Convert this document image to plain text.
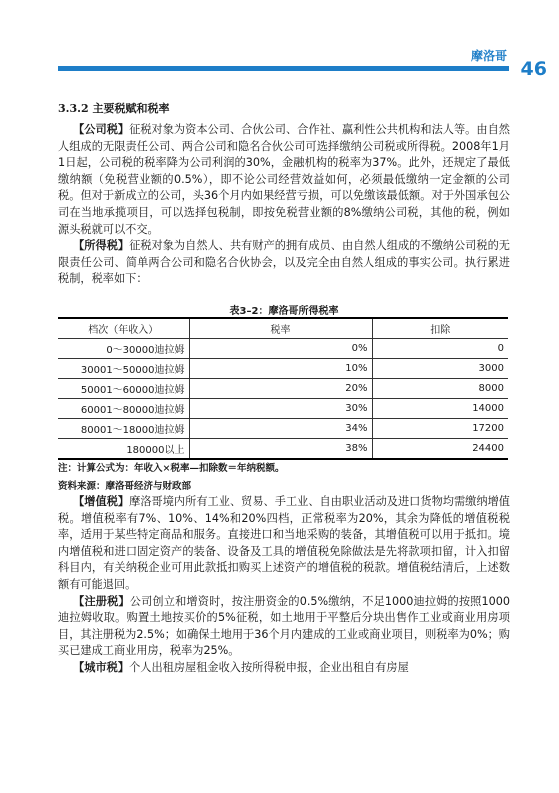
摩洛哥
46
3.3.2 主要税赋和税率

【公司税】征税对象为资本公司、合伙公司、合作社、赢利性公共机构和法人等。由自然人组成的无限责任公司、两合公司和隐名合伙公司可选择缴纳公司税或所得税。2008年1月1日起，公司税的税率降为公司利润的30%，金融机构的税率为37%。此外，还规定了最低缴纳额（免税营业额的0.5%），即不论公司经营效益如何，必须最低缴纳一定金额的公司税。但对于新成立的公司，头36个月内如果经营亏损，可以免缴该最低额。对于外国承包公司在当地承揽项目，可以选择包税制，即按免税营业额的8%缴纳公司税，其他的税，例如源头税就可以不交。

【所得税】征税对象为自然人、共有财产的拥有成员、由自然人组成的不缴纳公司税的无限责任公司、简单两合公司和隐名合伙协会，以及完全由自然人组成的事实公司。执行累进税制，税率如下：

表3–2：摩洛哥所得税率
档次（年收入）	税率	扣除
0～30000迪拉姆	0%	0
30001～50000迪拉姆	10%	3000
50001～60000迪拉姆	20%	8000
60001～80000迪拉姆	30%	14000
80001～18000迪拉姆	34%	17200
180000以上	38%	24400
注：计算公式为：年收入×税率—扣除数＝年纳税额。
资料来源：摩洛哥经济与财政部

【增值税】摩洛哥境内所有工业、贸易、手工业、自由职业活动及进口货物均需缴纳增值税。增值税率有7%、10%、14%和20%四档，正常税率为20%，其余为降低的增值税税率，适用于某些特定商品和服务。直接进口和当地采购的装备，其增值税可以用于抵扣。境内增值税和进口固定资产的装备、设备及工具的增值税免除做法是先将款项扣留，计入扣留科目内，有关纳税企业可用此款抵扣购买上述资产的增值税的税款。增值税结清后，上述数额有可能退回。

【注册税】公司创立和增资时，按注册资金的0.5%缴纳，不足1000迪拉姆的按照1000迪拉姆收取。购置土地按买价的5%征税，如土地用于平整后分块出售作工业或商业用房项目，其注册税为2.5%；如确保土地用于36个月内建成的工业或商业项目，则税率为0%；购买已建成工商业用房，税率为25%。

【城市税】个人出租房屋租金收入按所得税申报，企业出租自有房屋
